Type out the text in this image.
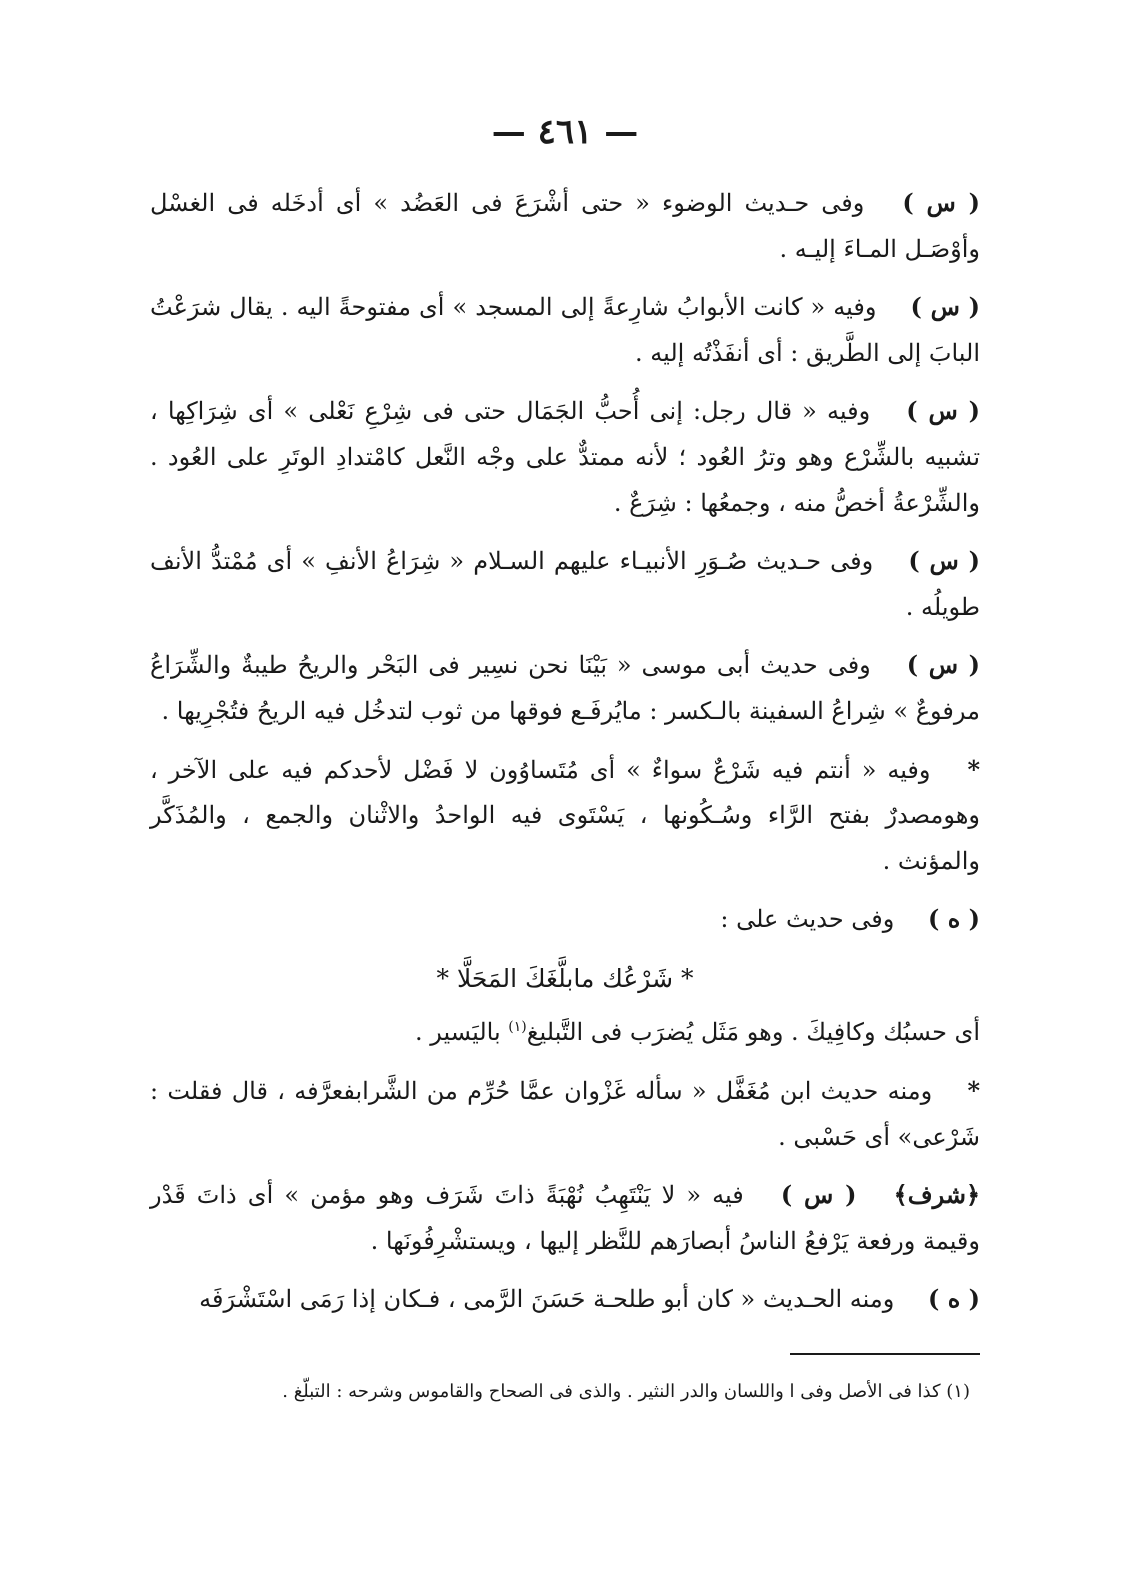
— ٤٦١ —

( س ) وفى حـديث الوضوء « حتى أشْرَعَ فى العَضُد » أى أدخَله فى الغسْل وأوْصَـل المـاءَ إليـه .

( س ) وفيه « كانت الأبوابُ شارِعةً إلى المسجد » أى مفتوحةً اليه . يقال شرَعْتُ البابَ إلى الطَّريق : أى أنفَذْتُه إليه .

( س ) وفيه « قال رجل: إنى أُحبُّ الجَمَال حتى فى شِرْعِ نَعْلى » أى شِرَاكِها ، تشبيه بالشِّرْع وهو وترُ العُود ؛ لأنه ممتدٌّ على وجْه النَّعل كامْتدادِ الوتَرِ على العُود . والشِّرْعةُ أخصُّ منه ، وجمعُها : شِرَعٌ .

( س ) وفى حـديث صُـوَرِ الأنبيـاء عليهم السـلام « شِرَاعُ الأنفِ » أى مُمْتدُّ الأنف طويلُه .

( س ) وفى حديث أبى موسى « بَيْنَا نحن نسِير فى البَحْر والريحُ طيبةٌ والشِّرَاعُ مرفوعٌ » شِراعُ السفينة بالـكسر : مايُرفَـع فوقها من ثوب لتدخُل فيه الريحُ فتُجْرِيها .

* وفيه « أنتم فيه شَرْعٌ سواءٌ » أى مُتَساوُون لا فَضْل لأحدكم فيه على الآخر ، وهومصدرٌ بفتح الرَّاء وسُـكُونها ، يَسْتَوى فيه الواحدُ والاثْنان والجمع ، والمُذَكَّر والمؤنث .

( ه ) وفى حديث على :

* شَرْعُك مابلَّغَكَ المَحَلَّا *

أى حسبُك وكافِيكَ . وهو مَثَل يُضرَب فى التَّبليغ$^{(١)}$ باليَسير .

* ومنه حديث ابن مُغَفَّل « سأله غَزْوان عمَّا حُرِّم من الشَّرابفعرَّفه ، قال فقلت : شَرْعى» أى حَسْبى .

﴿شرف﴾ ( س ) فيه « لا يَنْتَهِبُ نُهْبَةً ذاتَ شَرَف وهو مؤمن » أى ذاتَ قَدْر وقيمة ورفعة يَرْفعُ الناسُ أبصارَهم للنَّظر إليها ، ويستشْرِفُونَها .

( ه ) ومنه الحـديث « كان أبو طلحـة حَسَنَ الرَّمى ، فـكان إذا رَمَى اسْتَشْرَفَه

(١) كذا فى الأصل وفى ا واللسان والدر النثير . والذى فى الصحاح والقاموس وشرحه : التبلّغ .
